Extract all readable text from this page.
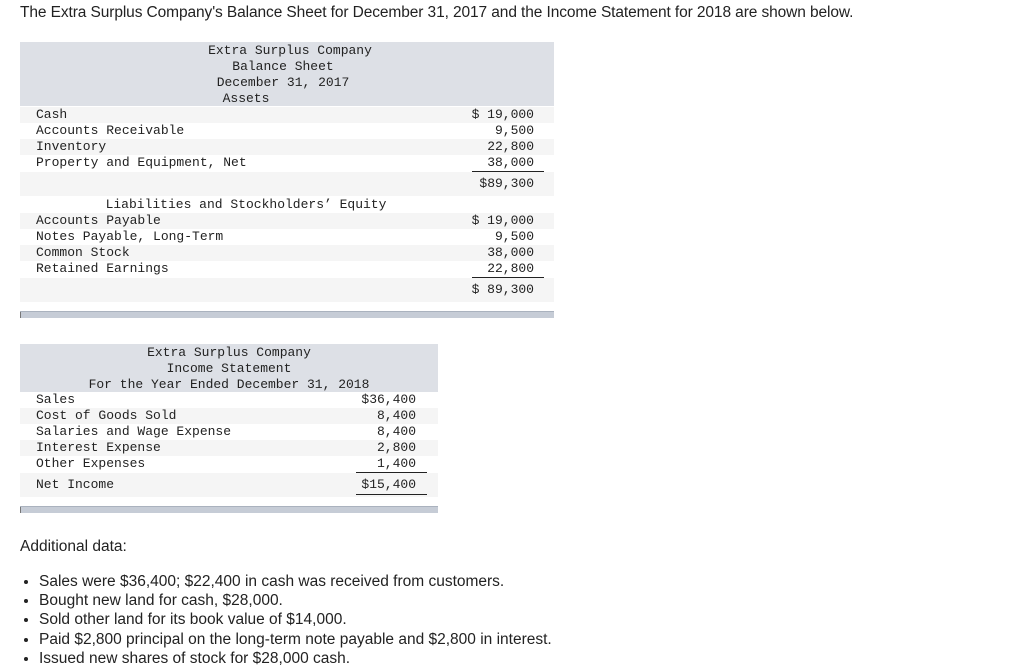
The Extra Surplus Company's Balance Sheet for December 31, 2017 and the Income Statement for 2018 are shown below.
Extra Surplus Company
Balance Sheet
December 31, 2017
Assets
Cash	$ 19,000
Accounts Receivable	9,500
Inventory	22,800
Property and Equipment, Net	38,000
$89,300
Liabilities and Stockholders’ Equity
Accounts Payable	$ 19,000
Notes Payable, Long-Term	9,500
Common Stock	38,000
Retained Earnings	22,800
$ 89,300
Extra Surplus Company
Income Statement
For the Year Ended December 31, 2018
Sales	$36,400
Cost of Goods Sold	8,400
Salaries and Wage Expense	8,400
Interest Expense	2,800
Other Expenses	1,400
Net Income	$15,400
Additional data:
• Sales were $36,400; $22,400 in cash was received from customers.
• Bought new land for cash, $28,000.
• Sold other land for its book value of $14,000.
• Paid $2,800 principal on the long-term note payable and $2,800 in interest.
• Issued new shares of stock for $28,000 cash.
